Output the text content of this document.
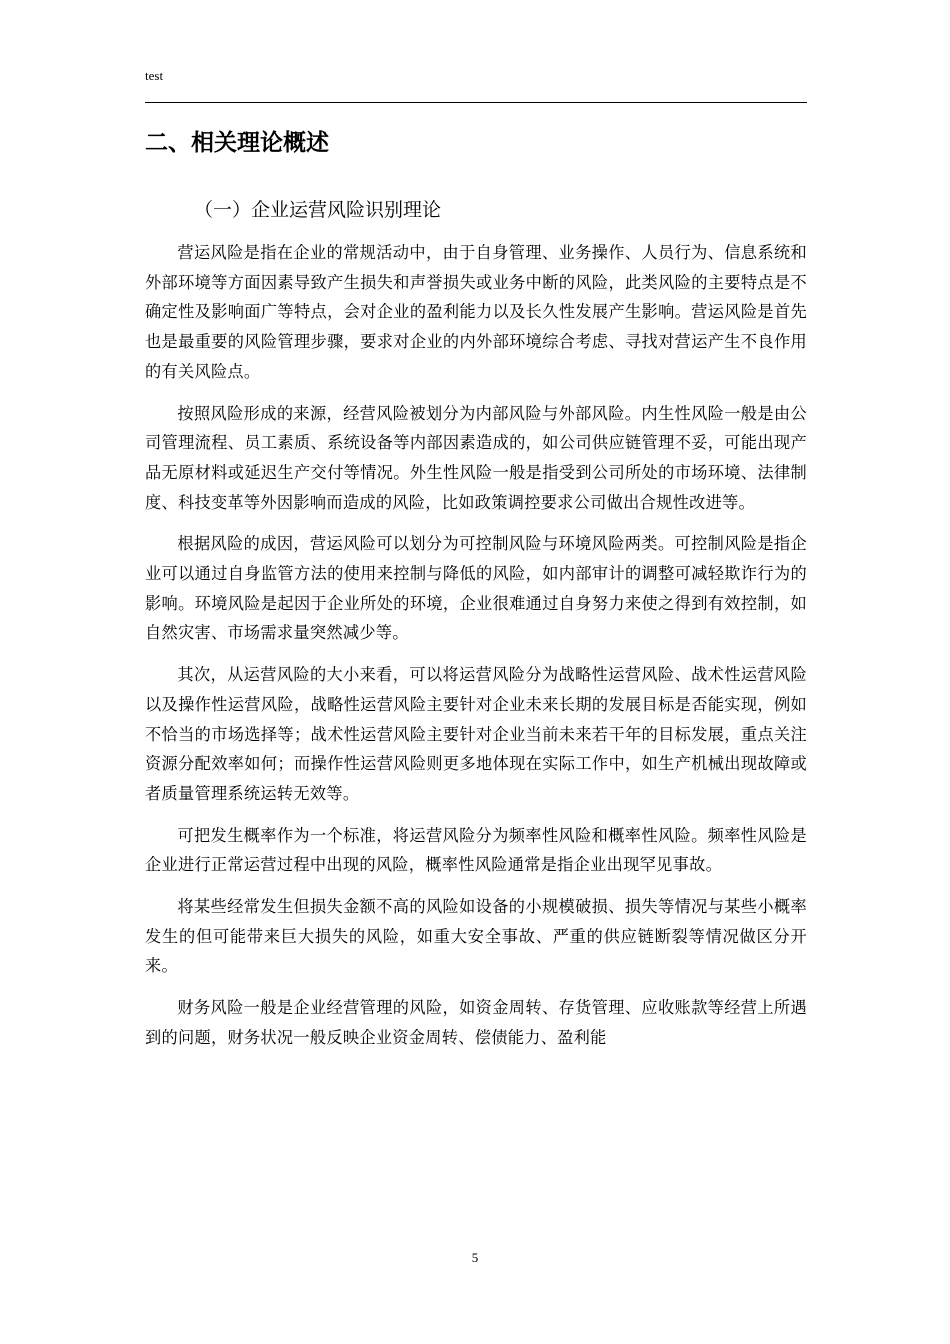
test
二、相关理论概述
（一）企业运营风险识别理论

营运风险是指在企业的常规活动中，由于自身管理、业务操作、人员行为、信息系统和外部环境等方面因素导致产生损失和声誉损失或业务中断的风险，此类风险的主要特点是不确定性及影响面广等特点，会对企业的盈利能力以及长久性发展产生影响。营运风险是首先也是最重要的风险管理步骤，要求对企业的内外部环境综合考虑、寻找对营运产生不良作用的有关风险点。

按照风险形成的来源，经营风险被划分为内部风险与外部风险。内生性风险一般是由公司管理流程、员工素质、系统设备等内部因素造成的，如公司供应链管理不妥，可能出现产品无原材料或延迟生产交付等情况。外生性风险一般是指受到公司所处的市场环境、法律制度、科技变革等外因影响而造成的风险，比如政策调控要求公司做出合规性改进等。

根据风险的成因，营运风险可以划分为可控制风险与环境风险两类。可控制风险是指企业可以通过自身监管方法的使用来控制与降低的风险，如内部审计的调整可减轻欺诈行为的影响。环境风险是起因于企业所处的环境，企业很难通过自身努力来使之得到有效控制，如自然灾害、市场需求量突然减少等。

其次，从运营风险的大小来看，可以将运营风险分为战略性运营风险、战术性运营风险以及操作性运营风险，战略性运营风险主要针对企业未来长期的发展目标是否能实现，例如不恰当的市场选择等；战术性运营风险主要针对企业当前未来若干年的目标发展，重点关注资源分配效率如何；而操作性运营风险则更多地体现在实际工作中，如生产机械出现故障或者质量管理系统运转无效等。

可把发生概率作为一个标准，将运营风险分为频率性风险和概率性风险。频率性风险是企业进行正常运营过程中出现的风险，概率性风险通常是指企业出现罕见事故。

将某些经常发生但损失金额不高的风险如设备的小规模破损、损失等情况与某些小概率发生的但可能带来巨大损失的风险，如重大安全事故、严重的供应链断裂等情况做区分开来。

财务风险一般是企业经营管理的风险，如资金周转、存货管理、应收账款等经营上所遇到的问题，财务状况一般反映企业资金周转、偿债能力、盈利能

5
